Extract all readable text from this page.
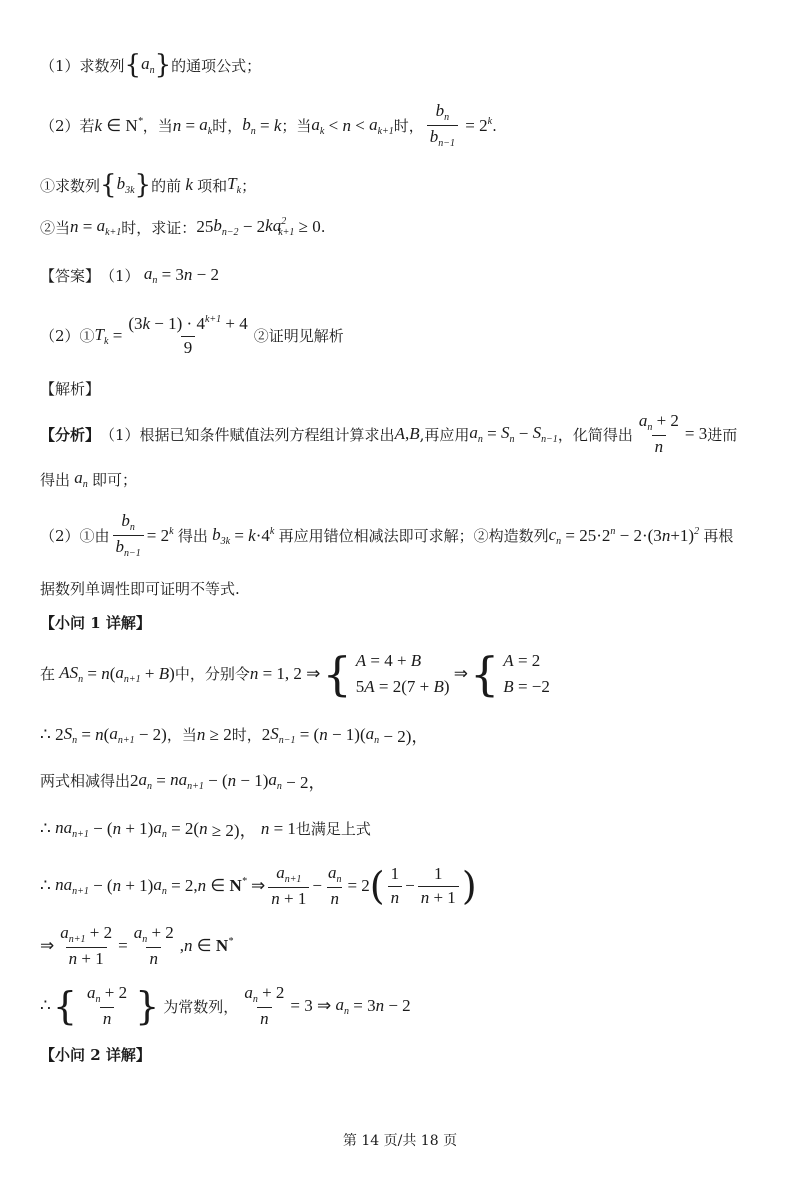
（1）求数列 { $a_n$ } 的通项公式；
（2）若 k ∈ N* ，当 $n = a_k$ 时， $b_n = k$ ；当 $a_k < n < a_{k+1}$ 时， $\frac{b_n}{b_{n-1}} = 2^k$ .
①求数列 { $b_{3k}$ } 的前 k 项和 $T_k$ ；
②当 $n = a_{k+1}$ 时，求证： 25 $b_{n-2} - 2$ $ka^2_{k+1} \ge 0$ .
【答案】 （1） $a_n = 3$ n − 2
（2）① $T_k = \frac{(3k - 1) \cdot 4^{k+1} + 4}{9}$ ②证明见解析
【解析】
【分析】 （1）根据已知条件赋值法列方程组计算求出 A , B ,再应用 $a_n = S_n - S_{n-1}$ ，化简得出 $\frac{a_n + 2}{n} = 3$ 进而
得出 $a_n$ 即可；
（2）①由 $\frac{b_n}{b_{n-1}} = 2^k$ 得出 $b_{3k} = k \cdot 4^k$ 再应用错位相减法即可求解；②构造数列 $c_n = 25\cdot 2^n - 2\cdot(3n+1)^2$ 再根
据数列单调性即可证明不等式.
【小问 1 详解】
在 $AS_n = n$ ( $a_{n+1} + B$ ) 中，分别令 n = 1, 2 ⇒ { A = 4 + B
5A = 2(7 + B)
⇒ { A = 2
B = −2
∴ 2 $S_n = n$ ( $a_{n+1} - 2$) ，当 n ≥ 2 时， 2 $S_{n-1}$ = ( n − 1)( $a_n - 2$)，
两式相减得出 2 $a_n = na_{n+1}$ − ( n − 1) $a_n - 2$，
∴ $na_{n+1}$ − ( n + 1) $a_n = 2$( n ≥ 2)， n = 1 也满足上式
∴ $na_{n+1}$ − ( n + 1) $a_n = 2$, n ∈ N* ⇒ $\frac{a_{n+1}}{n + 1} - \frac{a_n}{n} = 2$ ( $\frac{1}{n} - \frac{1}{n + 1}$ )
⇒ $\frac{a_{n+1} + 2}{n + 1} = \frac{a_n + 2}{n}$ , n ∈ N*
∴ { $\frac{a_n + 2}{n}$ } 为常数列， $\frac{a_n + 2}{n} = 3$ ⇒ $a_n = 3$ n − 2
【小问 2 详解】
第 14 页/共 18 页
